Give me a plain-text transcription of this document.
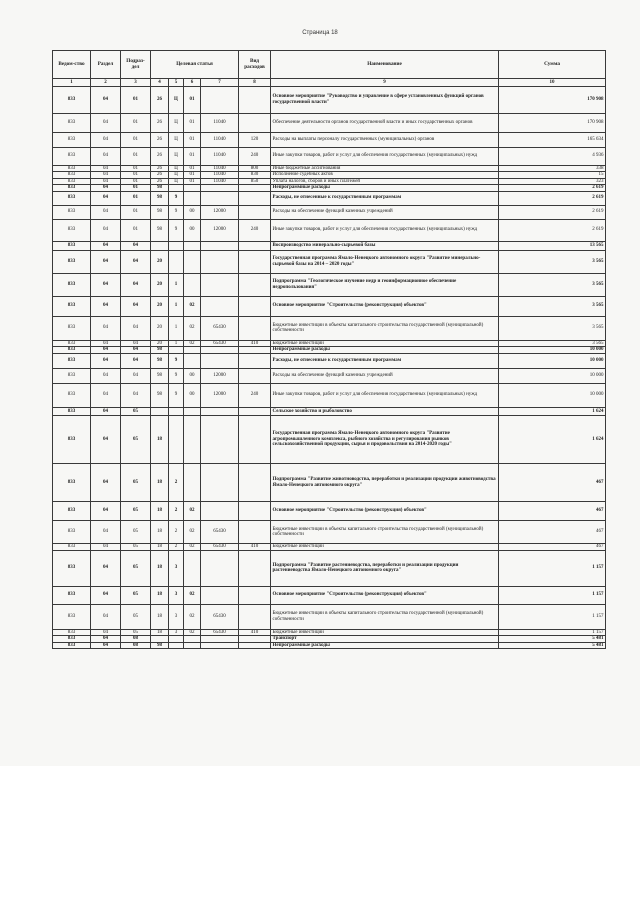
Страница 18
Ведом-ство	Раздел	Подраз-дел	Целевая статья				Вид расходов	Наименование	Сумма
1	2	3	4	5	6	7	8	9	10
833	04	01	26	Ц	01			Основное мероприятие "Руководство и управление в сфере установленных функций органов государственной власти"	170 908
833	04	01	26	Ц	01	11040		Обеспечение деятельности органов государственной власти и иных государственных органов	170 908
833	04	01	26	Ц	01	11040	120	Расходы на выплаты персоналу государственных (муниципальных) органов	165 634
833	04	01	26	Ц	01	11040	240	Иные закупки товаров, работ и услуг для обеспечения государственных (муниципальных) нужд	4 936
833	04	01	26	Ц	01	11040	800	Иные бюджетные ассигнования	338
833	04	01	26	Ц	01	11040	830	Исполнение судебных актов	15
833	04	01	26	Ц	01	11040	850	Уплата налогов, сборов и иных платежей	323
833	04	01	98					Непрограммные расходы	2 619
833	04	01	98	9				Расходы, не отнесенные к государственным программам	2 619
833	04	01	98	9	00	12000		Расходы на обеспечение функций казенных учреждений	2 619
833	04	01	98	9	00	12000	240	Иные закупки товаров, работ и услуг для обеспечения государственных (муниципальных) нужд	2 619
833	04	04						Воспроизводство минерально-сырьевой базы	13 565
833	04	04	20					Государственная программа Ямало-Ненецкого автономного округа "Развитие минерально-сырьевой базы на 2014 – 2020 годы"	3 565
833	04	04	20	1				Подпрограмма "Геологическое изучение недр и геоинформационное обеспечение недропользования"	3 565
833	04	04	20	1	02			Основное мероприятие "Строительство (реконструкция) объектов"	3 565
833	04	04	20	1	02	65430		Бюджетные инвестиции в объекты капитального строительства государственной (муниципальной) собственности	3 565
833	04	04	20	1	02	65430	410	Бюджетные инвестиции	3 565
833	04	04	98					Непрограммные расходы	10 000
833	04	04	98	9				Расходы, не отнесенные к государственным программам	10 000
833	04	04	98	9	00	12000		Расходы на обеспечение функций казенных учреждений	10 000
833	04	04	98	9	00	12000	240	Иные закупки товаров, работ и услуг для обеспечения государственных (муниципальных) нужд	10 000
833	04	05						Сельское хозяйство и рыболовство	1 624
833	04	05	18					Государственная программа Ямало-Ненецкого автономного округа "Развитие агропромышленного комплекса, рыбного хозяйства и регулирования рынков сельскохозяйственной продукции, сырья и продовольствия на 2014-2020 годы"	1 624
833	04	05	18	2				Подпрограмма "Развитие животноводства, переработки и реализации продукции животноводства Ямало-Ненецкого автономного округа"	467
833	04	05	18	2	02			Основное мероприятие "Строительство (реконструкция) объектов"	467
833	04	05	18	2	02	65430		Бюджетные инвестиции в объекты капитального строительства государственной (муниципальной) собственности	467
833	04	05	18	2	02	65430	410	Бюджетные инвестиции	467
833	04	05	18	3				Подпрограмма "Развитие растениеводства, переработки и реализации продукции растениеводства Ямало-Ненецкого автономного округа"	1 157
833	04	05	18	3	02			Основное мероприятие "Строительство (реконструкция) объектов"	1 157
833	04	05	18	3	02	65430		Бюджетные инвестиции в объекты капитального строительства государственной (муниципальной) собственности	1 157
833	04	05	18	3	02	65430	410	Бюджетные инвестиции	1 157
833	04	08						Транспорт	5 481
833	04	08	98					Непрограммные расходы	5 481
